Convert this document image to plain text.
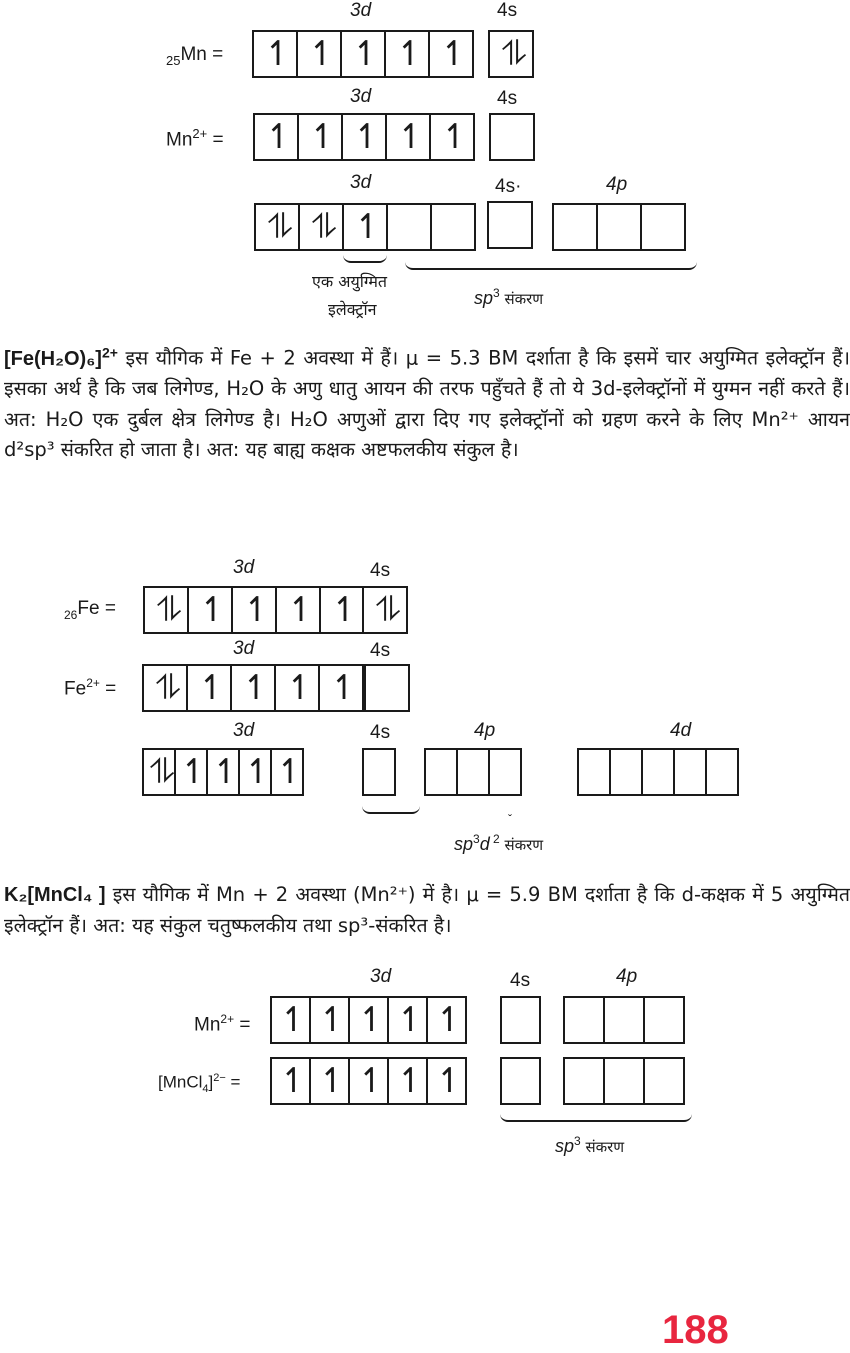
3d	4s
$_{25}$Mn = ↿ ↿ ↿ ↿ ↿ ⥮
3d	4s
$Mn^{2+}$ = ↿ ↿ ↿ ↿ ↿
3d	4s·	4p
⥮ ⥮ ↿
एक अयुग्मित
इलेक्ट्रॉन
$sp^3$ संकरण

$[Fe(H_2O)_6]^{2+}$ इस यौगिक में Fe + 2 अवस्था में हैं। μ = 5.3 BM दर्शाता है कि इसमें चार अयुग्मित इलेक्ट्रॉन हैं। इसका अर्थ है कि जब लिगेण्ड, H₂O के अणु धातु आयन की तरफ पहुँचते हैं तो ये 3d-इलेक्ट्रॉनों में युग्मन नहीं करते हैं। अत: H₂O एक दुर्बल क्षेत्र लिगेण्ड है। H₂O अणुओं द्वारा दिए गए इलेक्ट्रॉनों को ग्रहण करने के लिए Mn²⁺ आयन d²sp³ संकरित हो जाता है। अत: यह बाह्य कक्षक अष्टफलकीय संकुल है।

3d	4s
$_{26}$Fe = ⥮ ↿ ↿ ↿ ↿ ⥮
3d	4s
$Fe^{2+}$ = ⥮ ↿ ↿ ↿ ↿
3d	4s	4p	4d
⥮ ↿ ↿ ↿ ↿
ˇ
$sp^3d$ $^2$ संकरण

K₂[MnCl₄ ] इस यौगिक में Mn + 2 अवस्था (Mn²⁺) में है। μ = 5.9 BM दर्शाता है कि d-कक्षक में 5 अयुग्मित इलेक्ट्रॉन हैं। अत: यह संकुल चतुष्फलकीय तथा sp³-संकरित है।

3d	4s	4p
$Mn^{2+}$ = ↿ ↿ ↿ ↿ ↿
[MnCl$_4$]$^{2-}$ = ↿ ↿ ↿ ↿ ↿
$sp^3$ संकरण
188
